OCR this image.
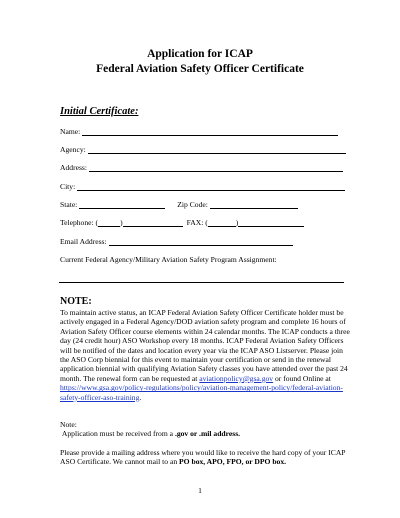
Application for ICAP
Federal Aviation Safety Officer Certificate
Initial Certificate:
Name:
Agency:
Address:
City:
State:	Zip Code:
Telephone: (	)	FAX: (	)
Email Address:
Current Federal Agency/Military Aviation Safety Program Assignment:
NOTE:
To maintain active status, an ICAP Federal Aviation Safety Officer Certificate holder must be actively engaged in a Federal Agency/DOD aviation safety program and complete 16 hours of Aviation Safety Officer course elements within 24 calendar months. The ICAP conducts a three day (24 credit hour) ASO Workshop every 18 months. ICAP Federal Aviation Safety Officers will be notified of the dates and location every year via the ICAP ASO Listserver. Please join the ASO Corp biennial for this event to maintain your certification or send in the renewal application biennial with qualifying Aviation Safety classes you have attended over the past 24 month. The renewal form can be requested at aviationpolicy@gsa.gov or found Online at https://www.gsa.gov/policy-regulations/policy/aviation-management-policy/federal-aviation-safety-officer-aso-training.
Note:
Application must be received from a .gov or .mil address.
Please provide a mailing address where you would like to receive the hard copy of your ICAP ASO Certificate. We cannot mail to an PO box, APO, FPO, or DPO box.
1
